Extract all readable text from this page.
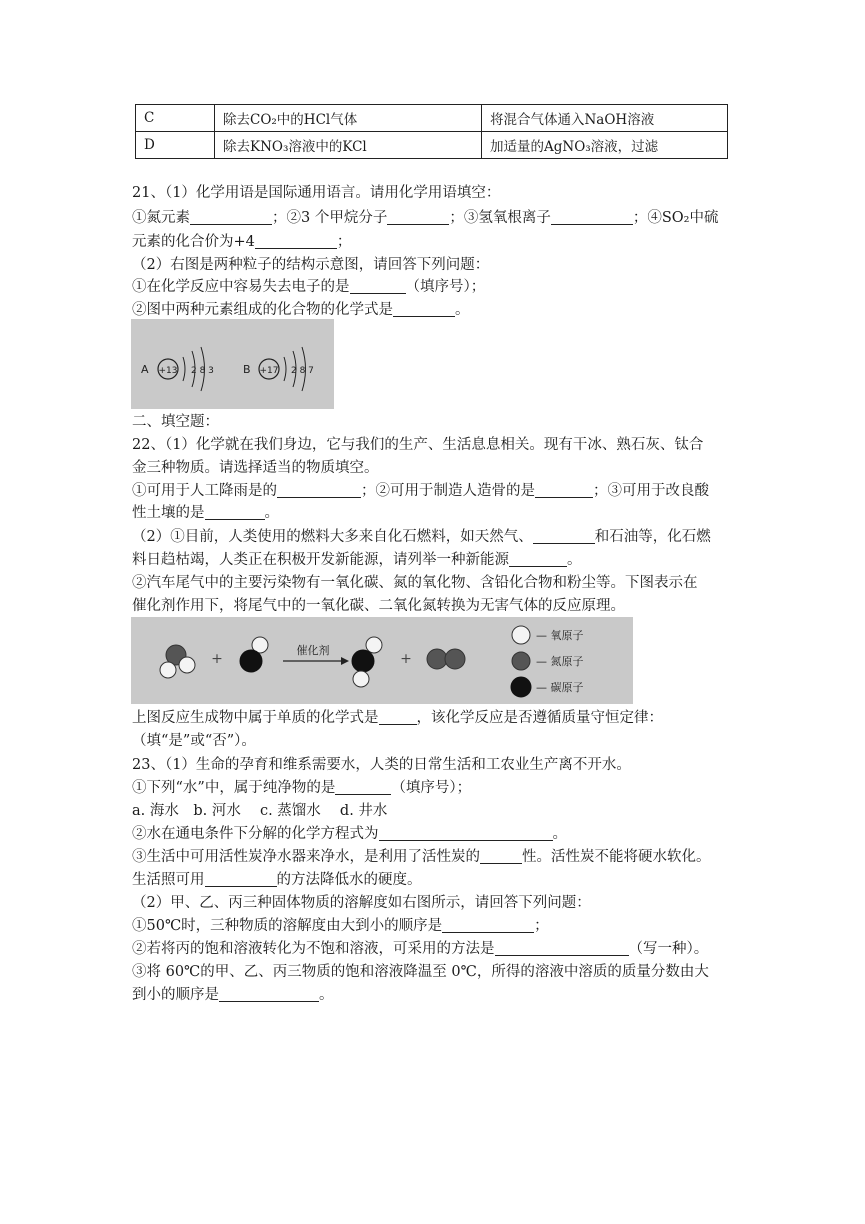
C	除去CO₂中的HCl气体	将混合气体通入NaOH溶液
D	除去KNO₃溶液中的KCl	加适量的AgNO₃溶液，过滤
21、（1）化学用语是国际通用语言。请用化学用语填空：
①氮元素	；②3 个甲烷分子	；③氢氧根离子	；④SO₂中硫
元素的化合价为+4	；
（2）右图是两种粒子的结构示意图，请回答下列问题：
①在化学反应中容易失去电子的是	（填序号）；
②图中两种元素组成的化合物的化学式是	。
A +13 2 8 3	B +17 2 8 7
二、填空题：
22、（1）化学就在我们身边，它与我们的生产、生活息息相关。现有干冰、熟石灰、钛合
金三种物质。请选择适当的物质填空。
①可用于人工降雨是的	；②可用于制造人造骨的是	；③可用于改良酸
性土壤的是	。
（2）①目前，人类使用的燃料大多来自化石燃料，如天然气、	和石油等，化石燃
料日趋枯竭，人类正在积极开发新能源，请列举一种新能源	。
②汽车尾气中的主要污染物有一氧化碳、氮的氧化物、含铅化合物和粉尘等。下图表示在
催化剂作用下，将尾气中的一氧化碳、二氧化氮转换为无害气体的反应原理。
+
催化剂
+
— 氧原子
— 氮原子
— 碳原子
上图反应生成物中属于单质的化学式是	，该化学反应是否遵循质量守恒定律：
（填“是”或“否”）。
23、（1）生命的孕育和维系需要水，人类的日常生活和工农业生产离不开水。
①下列“水”中，属于纯净物的是	（填序号）；
a. 海水　b. 河水　 c. 蒸馏水　 d. 井水
②水在通电条件下分解的化学方程式为	。
③生活中可用活性炭净水器来净水，是利用了活性炭的	性。活性炭不能将硬水软化。
生活照可用	的方法降低水的硬度。
（2）甲、乙、丙三种固体物质的溶解度如右图所示，请回答下列问题：
①50℃时，三种物质的溶解度由大到小的顺序是	；
②若将丙的饱和溶液转化为不饱和溶液，可采用的方法是	（写一种）。
③将 60℃的甲、乙、丙三物质的饱和溶液降温至 0℃，所得的溶液中溶质的质量分数由大
到小的顺序是	。
